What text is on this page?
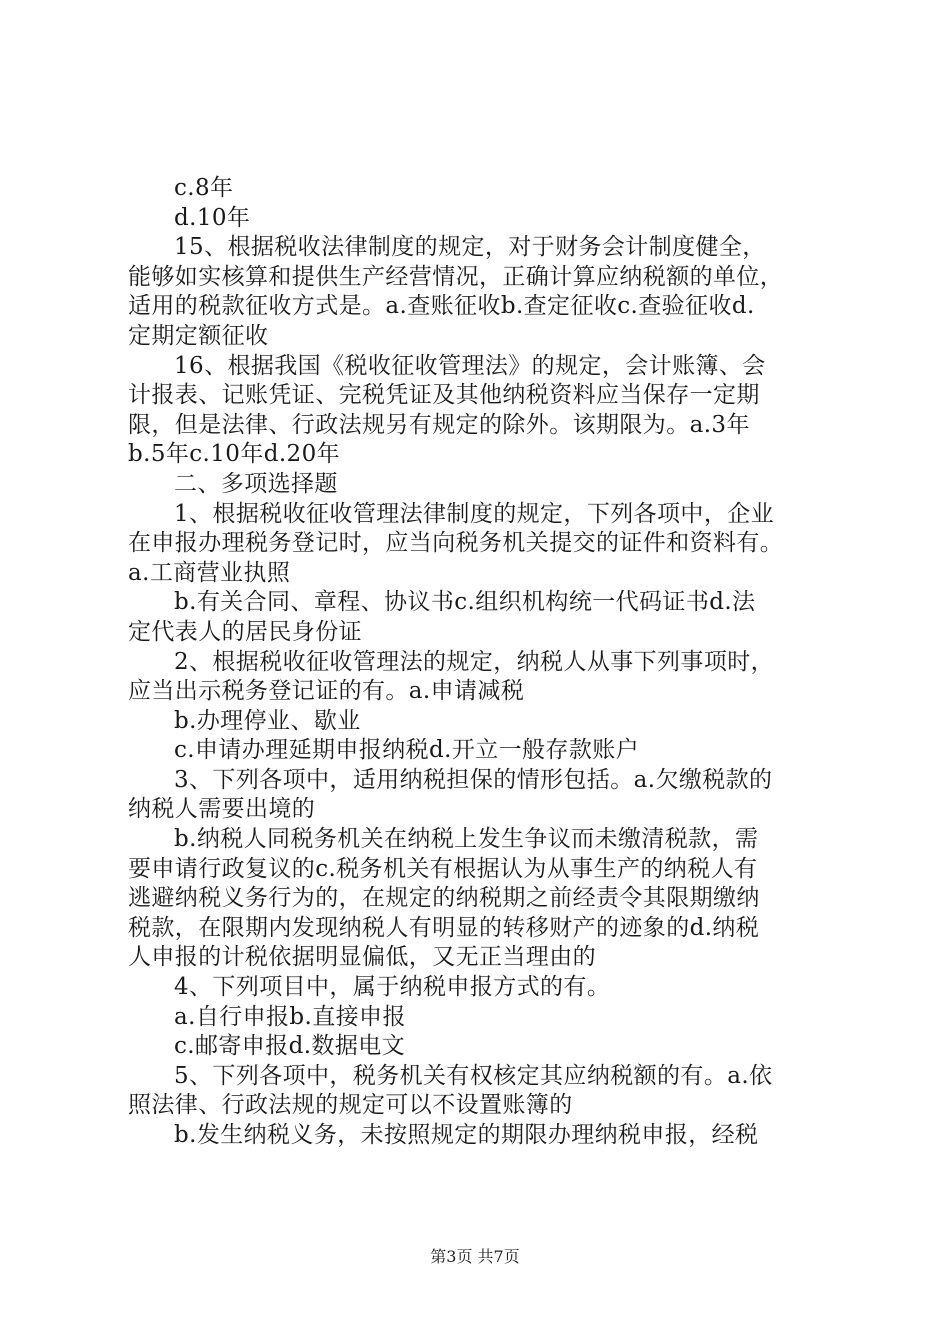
c.8年
d.10年
15、根据税收法律制度的规定，对于财务会计制度健全，
能够如实核算和提供生产经营情况，正确计算应纳税额的单位，
适用的税款征收方式是。a.查账征收b.查定征收c.查验征收d.
定期定额征收
16、根据我国《税收征收管理法》的规定，会计账簿、会
计报表、记账凭证、完税凭证及其他纳税资料应当保存一定期
限，但是法律、行政法规另有规定的除外。该期限为。a.3年
b.5年c.10年d.20年
二、多项选择题
1、根据税收征收管理法律制度的规定，下列各项中，企业
在申报办理税务登记时，应当向税务机关提交的证件和资料有。
a.工商营业执照
b.有关合同、章程、协议书c.组织机构统一代码证书d.法
定代表人的居民身份证
2、根据税收征收管理法的规定，纳税人从事下列事项时，
应当出示税务登记证的有。a.申请减税
b.办理停业、歇业
c.申请办理延期申报纳税d.开立一般存款账户
3、下列各项中，适用纳税担保的情形包括。a.欠缴税款的
纳税人需要出境的
b.纳税人同税务机关在纳税上发生争议而未缴清税款，需
要申请行政复议的c.税务机关有根据认为从事生产的纳税人有
逃避纳税义务行为的，在规定的纳税期之前经责令其限期缴纳
税款，在限期内发现纳税人有明显的转移财产的迹象的d.纳税
人申报的计税依据明显偏低，又无正当理由的
4、下列项目中，属于纳税申报方式的有。
a.自行申报b.直接申报
c.邮寄申报d.数据电文
5、下列各项中，税务机关有权核定其应纳税额的有。a.依
照法律、行政法规的规定可以不设置账簿的
b.发生纳税义务，未按照规定的期限办理纳税申报，经税
第3页 共7页
